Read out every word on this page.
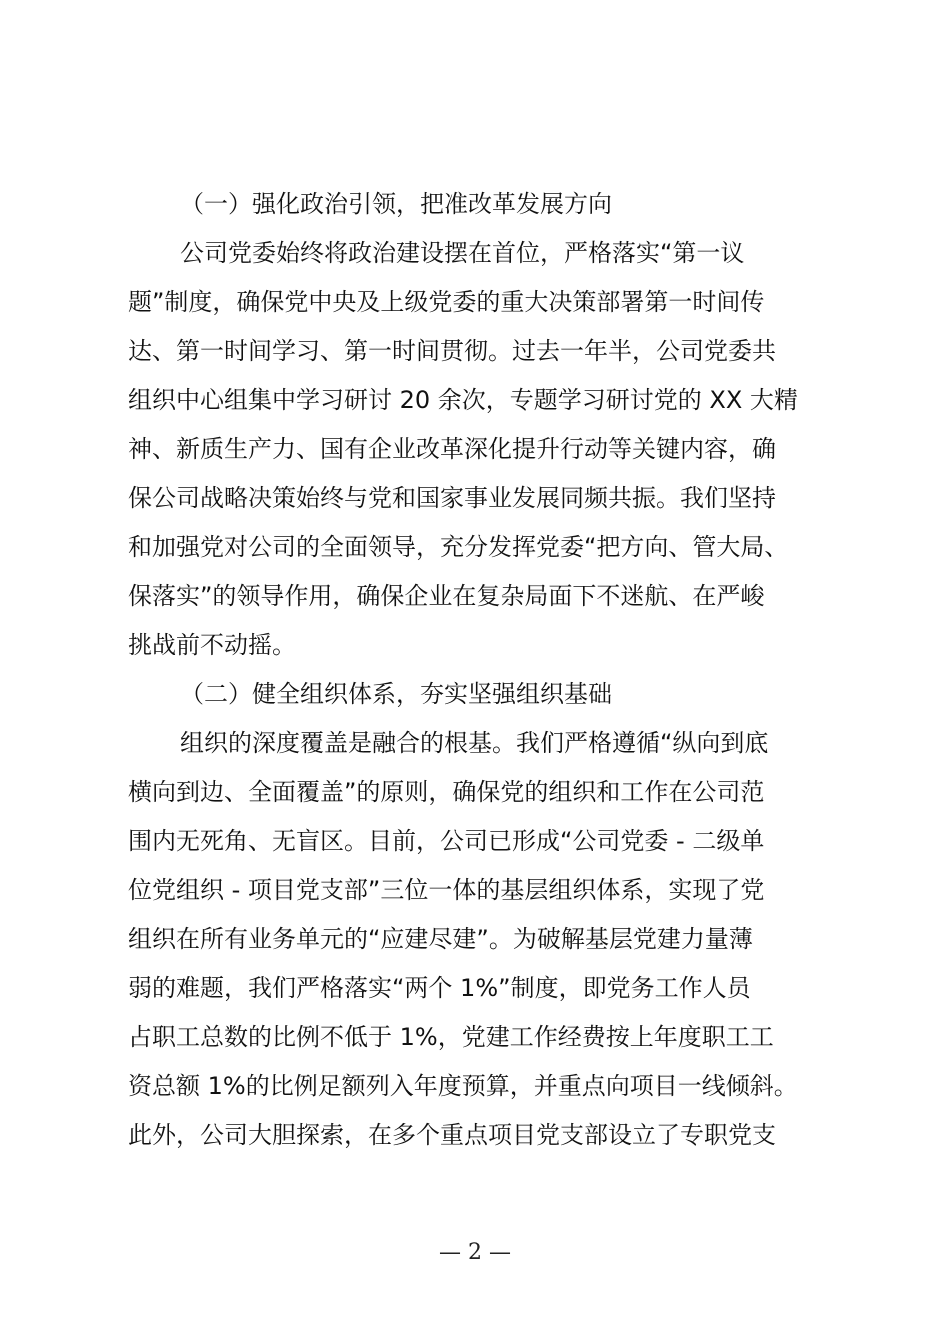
（一）强化政治引领，把准改革发展方向
公司党委始终将政治建设摆在首位，严格落实“第一议
题”制度，确保党中央及上级党委的重大决策部署第一时间传
达、第一时间学习、第一时间贯彻。过去一年半，公司党委共
组织中心组集中学习研讨 20 余次，专题学习研讨党的 XX 大精
神、新质生产力、国有企业改革深化提升行动等关键内容，确
保公司战略决策始终与党和国家事业发展同频共振。我们坚持
和加强党对公司的全面领导，充分发挥党委“把方向、管大局、
保落实”的领导作用，确保企业在复杂局面下不迷航、在严峻
挑战前不动摇。
（二）健全组织体系，夯实坚强组织基础
组织的深度覆盖是融合的根基。我们严格遵循“纵向到底
横向到边、全面覆盖”的原则，确保党的组织和工作在公司范
围内无死角、无盲区。目前，公司已形成“公司党委 - 二级单
位党组织 - 项目党支部”三位一体的基层组织体系，实现了党
组织在所有业务单元的“应建尽建”。为破解基层党建力量薄
弱的难题，我们严格落实“两个 1%”制度，即党务工作人员
占职工总数的比例不低于 1%，党建工作经费按上年度职工工
资总额 1%的比例足额列入年度预算，并重点向项目一线倾斜。
此外，公司大胆探索，在多个重点项目党支部设立了专职党支
— 2 —
